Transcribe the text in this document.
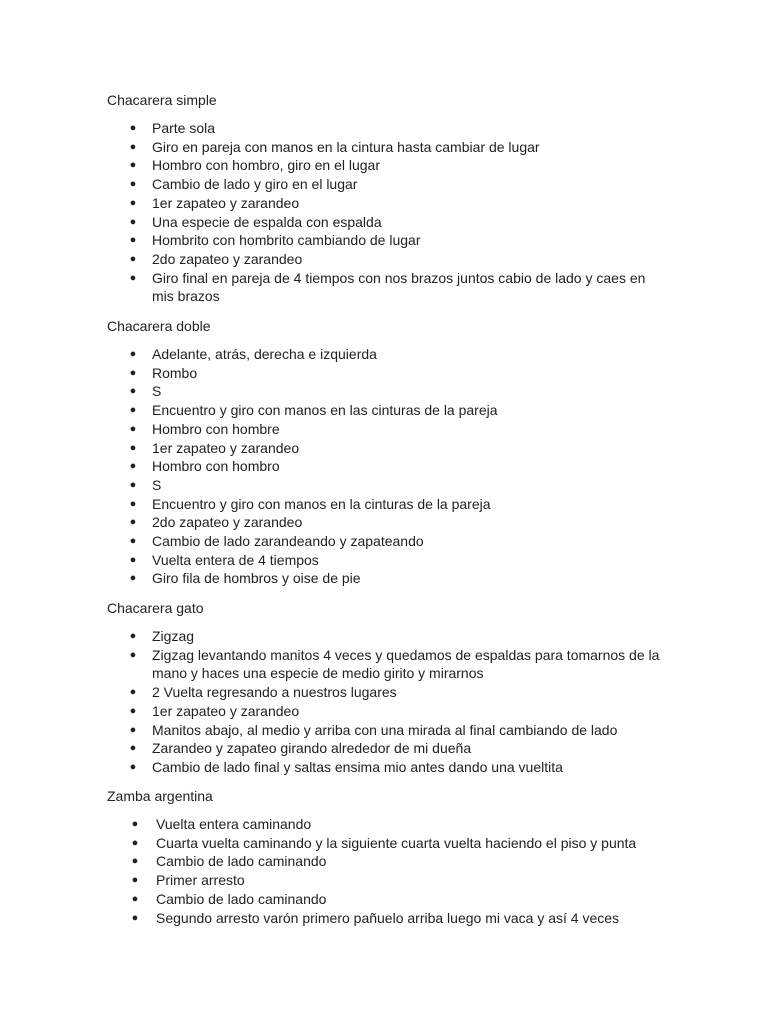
Chacarera simple
● Parte sola
● Giro en pareja con manos en la cintura hasta cambiar de lugar
● Hombro con hombro, giro en el lugar
● Cambio de lado y giro en el lugar
● 1er zapateo y zarandeo
● Una especie de espalda con espalda
● Hombrito con hombrito cambiando de lugar
● 2do zapateo y zarandeo
● Giro final en pareja de 4 tiempos con nos brazos juntos cabio de lado y caes en mis brazos
Chacarera doble
● Adelante, atrás, derecha e izquierda
● Rombo
● S
● Encuentro y giro con manos en las cinturas de la pareja
● Hombro con hombre
● 1er zapateo y zarandeo
● Hombro con hombro
● S
● Encuentro y giro con manos en la cinturas de la pareja
● 2do zapateo y zarandeo
● Cambio de lado zarandeando y zapateando
● Vuelta entera de 4 tiempos
● Giro fila de hombros y oise de pie
Chacarera gato
● Zigzag
● Zigzag levantando manitos 4 veces y quedamos de espaldas para tomarnos de la mano y haces una especie de medio girito y mirarnos
● 2 Vuelta regresando a nuestros lugares
● 1er zapateo y zarandeo
● Manitos abajo, al medio y arriba con una mirada al final cambiando de lado
● Zarandeo y zapateo girando alrededor de mi dueña
● Cambio de lado final y saltas ensima mio antes dando una vueltita
Zamba argentina
● Vuelta entera caminando
● Cuarta vuelta caminando y la siguiente cuarta vuelta haciendo el piso y punta
● Cambio de lado caminando
● Primer arresto
● Cambio de lado caminando
● Segundo arresto varón primero pañuelo arriba luego mi vaca y así 4 veces
